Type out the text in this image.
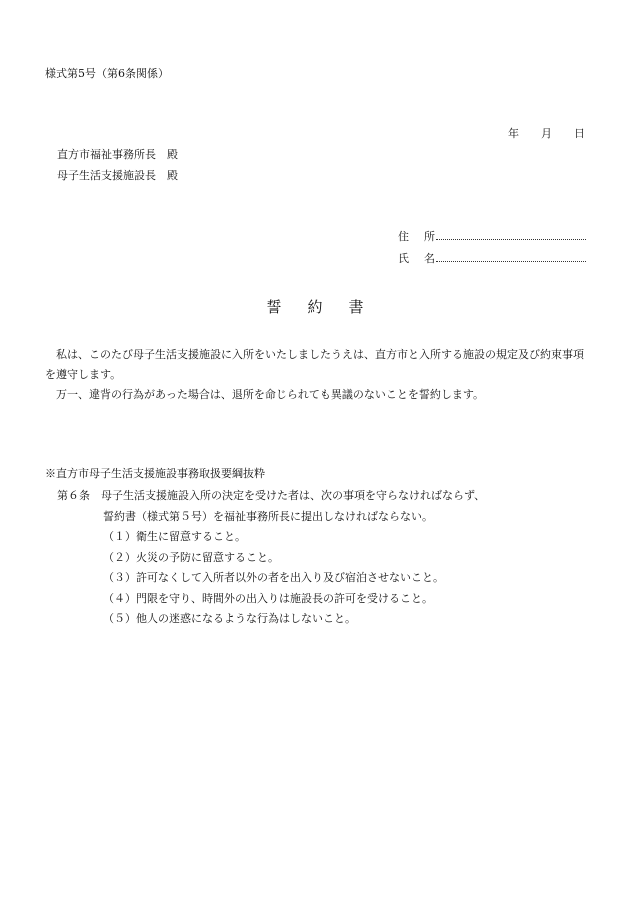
様式第5号（第6条関係）
年 月 日
直方市福祉事務所長　殿
母子生活支援施設長　殿
住　所
氏　名
誓約書

私は、このたび母子生活支援施設に入所をいたしましたうえは、直方市と入所する施設の規定及び約束事項を遵守します。

万一、違背の行為があった場合は、退所を命じられても異議のないことを誓約します。

※直方市母子生活支援施設事務取扱要綱抜粋
第６条　母子生活支援施設入所の決定を受けた者は、次の事項を守らなければならず、
誓約書（様式第５号）を福祉事務所長に提出しなければならない。
（１）衛生に留意すること。
（２）火災の予防に留意すること。
（３）許可なくして入所者以外の者を出入り及び宿泊させないこと。
（４）門限を守り、時間外の出入りは施設長の許可を受けること。
（５）他人の迷惑になるような行為はしないこと。
